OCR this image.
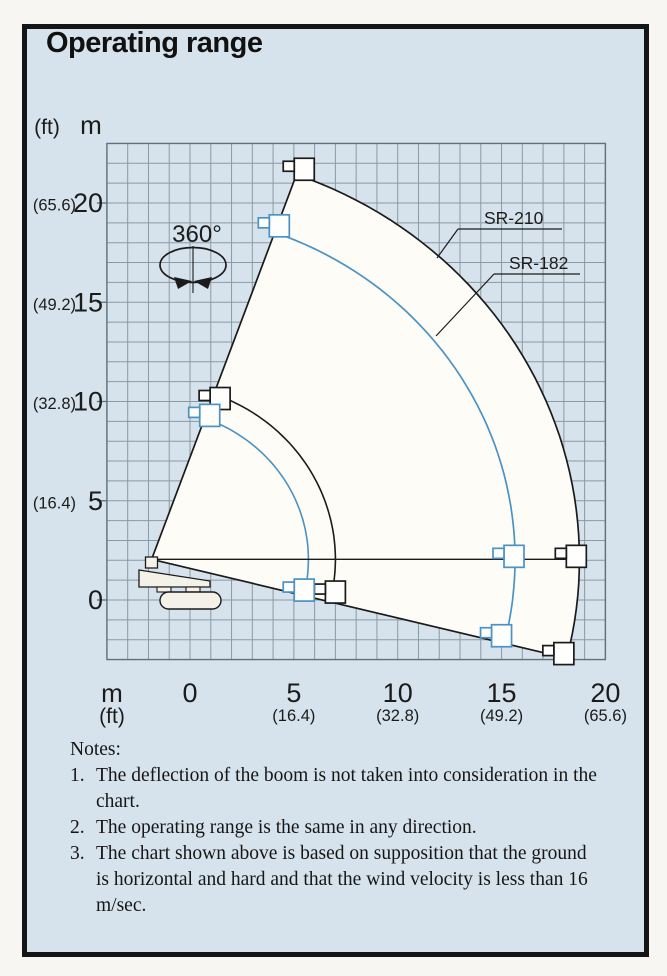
360°
SR-210
SR-182
(ft) m
20
(65.6)
15
(49.2)
10
(32.8)
5
(16.4)
0
m
(ft)
0	5
(16.4)
10
(32.8)
15
(49.2)
20
(65.6)
Operating range
Notes:
1. The deflection of the boom is not taken into consideration in the chart.
2. The operating range is the same in any direction.
3. The chart shown above is based on supposition that the ground is horizontal and hard and that the wind velocity is less than 16 m/sec.
